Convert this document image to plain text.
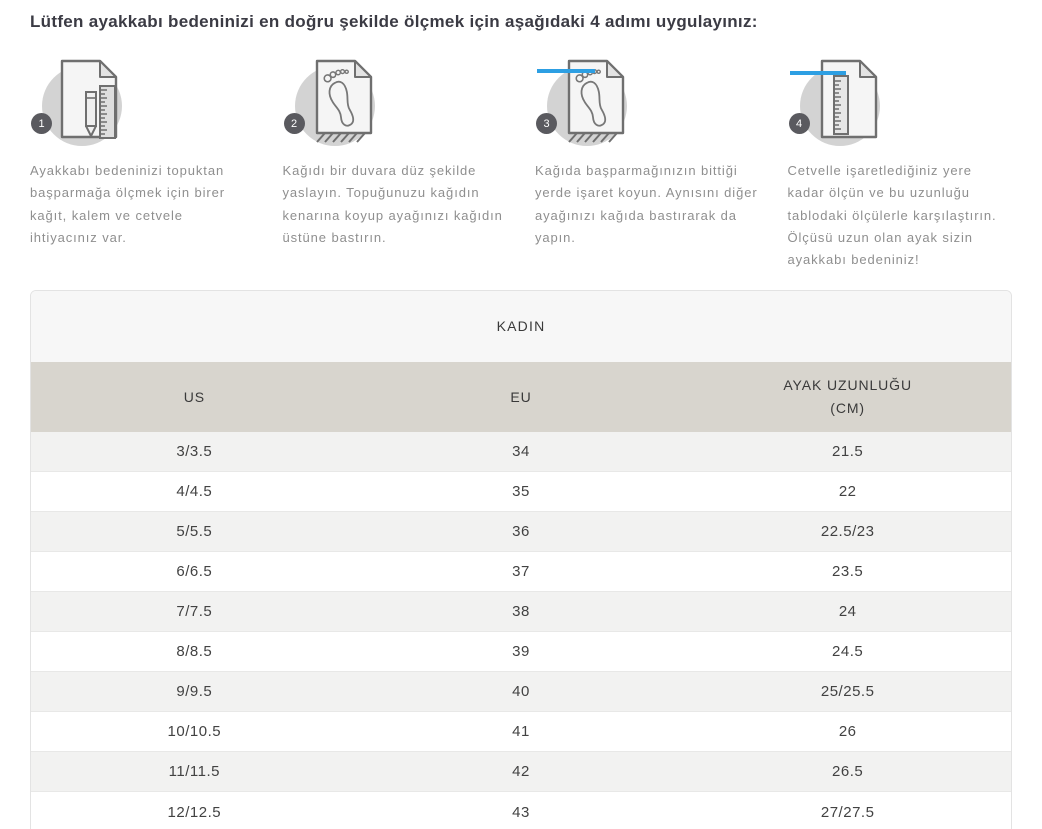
Lütfen ayakkabı bedeninizi en doğru şekilde ölçmek için aşağıdaki 4 adımı uygulayınız:
1

Ayakkabı bedeninizi topuktan başparmağa ölçmek için birer kağıt, kalem ve cetvele ihtiyacınız var.

2

Kağıdı bir duvara düz şekilde yaslayın. Topuğunuzu kağıdın kenarına koyup ayağınızı kağıdın üstüne bastırın.

3

Kağıda başparmağınızın bittiği yerde işaret koyun. Aynısını diğer ayağınızı kağıda bastırarak da yapın.

4

Cetvelle işaretlediğiniz yere kadar ölçün ve bu uzunluğu tablodaki ölçülerle karşılaştırın. Ölçüsü uzun olan ayak sizin ayakkabı bedeniniz!

KADIN
US	EU	AYAK UZUNLUĞU (CM)
3/3.5	34	21.5
4/4.5	35	22
5/5.5	36	22.5/23
6/6.5	37	23.5
7/7.5	38	24
8/8.5	39	24.5
9/9.5	40	25/25.5
10/10.5	41	26
11/11.5	42	26.5
12/12.5	43	27/27.5
